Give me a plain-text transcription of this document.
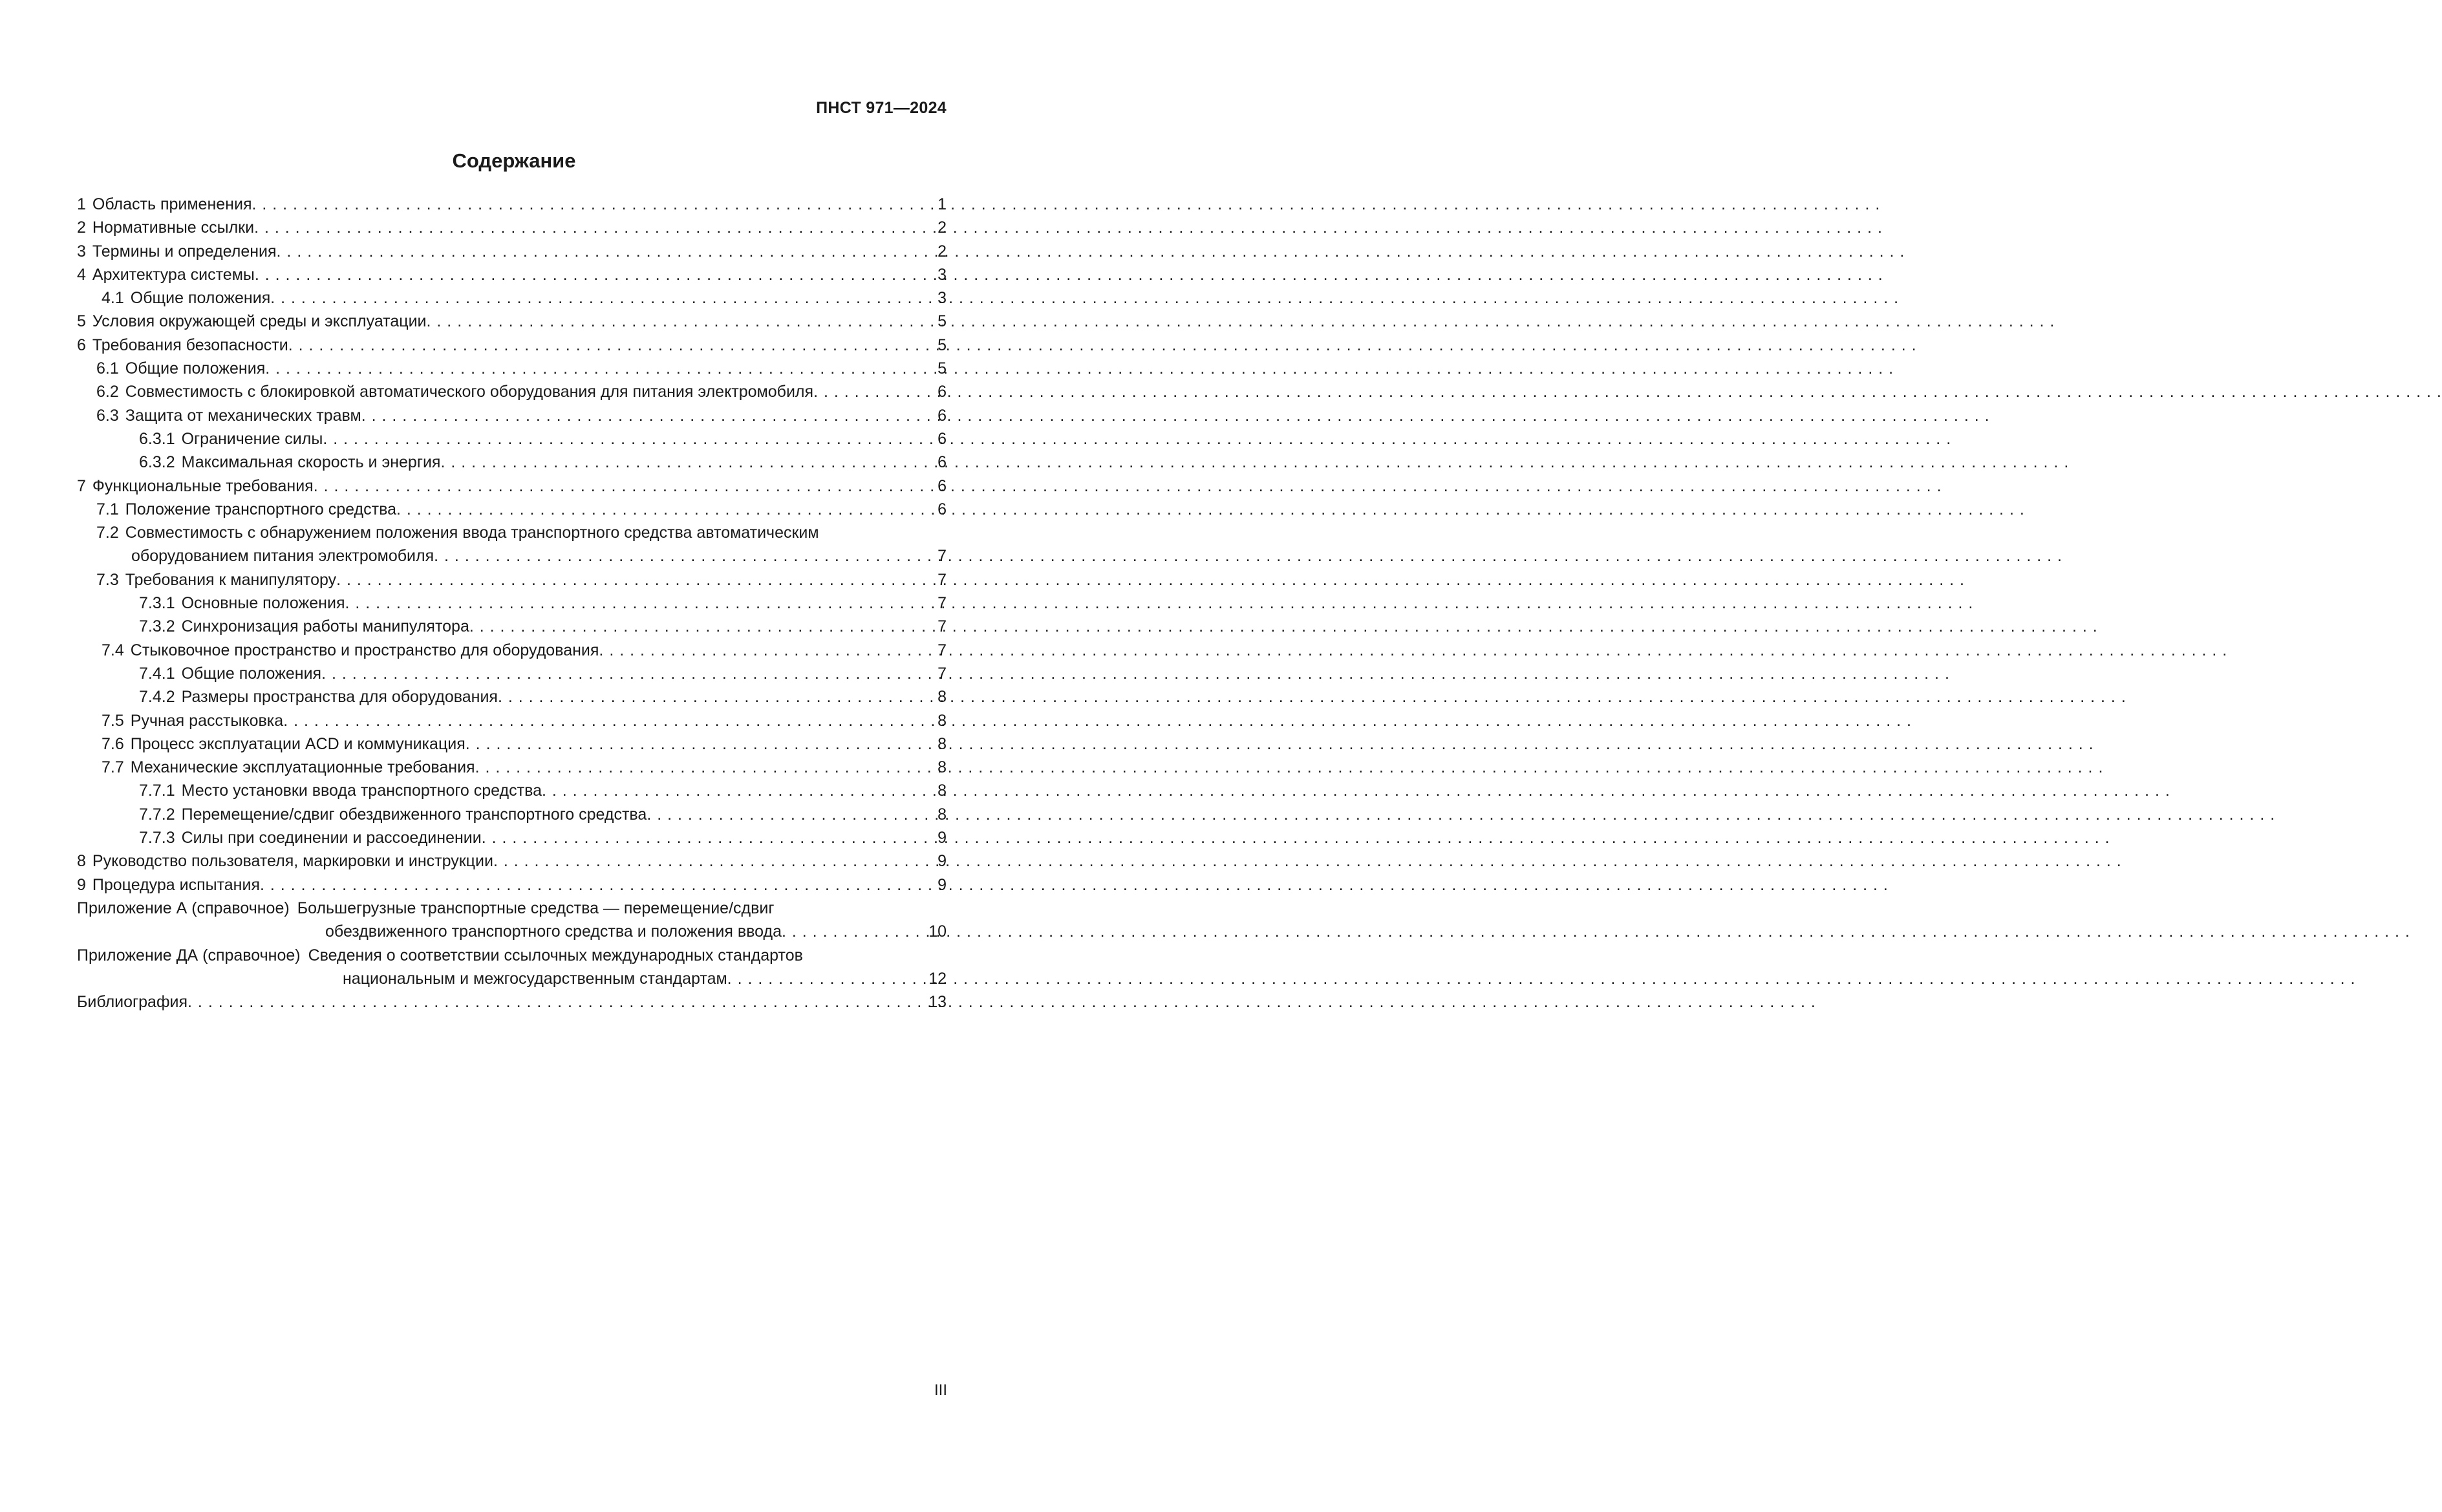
ПНСТ 971—2024
Содержание
1 Область применения . . .	1
2 Нормативные ссылки . . .	2
3 Термины и определения . . .	2
4 Архитектура системы . . .	3
4.1 Общие положения . . .	3
5 Условия окружающей среды и эксплуатации . . .	5
6 Требования безопасности . . .	5
6.1 Общие положения . . .	5
6.2 Совместимость с блокировкой автоматического оборудования для питания электромобиля . . .	6
6.3 Защита от механических травм . . .	6
6.3.1 Ограничение силы . . .	6
6.3.2 Максимальная скорость и энергия . . .	6
7 Функциональные требования . . .	6
7.1 Положение транспортного средства . . .	6
7.2 Совместимость с обнаружением положения ввода транспортного средства автоматическим
оборудованием питания электромобиля . . .	7
7.3 Требования к манипулятору . . .	7
7.3.1 Основные положения . . .	7
7.3.2 Синхронизация работы манипулятора . . .	7
7.4 Стыковочное пространство и пространство для оборудования . . .	7
7.4.1 Общие положения . . .	7
7.4.2 Размеры пространства для оборудования . . .	8
7.5 Ручная расстыковка . . .	8
7.6 Процесс эксплуатации ACD и коммуникация . . .	8
7.7 Механические эксплуатационные требования . . .	8
7.7.1 Место установки ввода транспортного средства . . .	8
7.7.2 Перемещение/сдвиг обездвиженного транспортного средства . . .	8
7.7.3 Силы при соединении и рассоединении . . .	9
8 Руководство пользователя, маркировки и инструкции . . .	9
9 Процедура испытания . . .	9
Приложение А (справочное) Большегрузные транспортные средства — перемещение/сдвиг
обездвиженного транспортного средства и положения ввода . . .	10
Приложение ДА (справочное) Сведения о соответствии ссылочных международных стандартов
национальным и межгосударственным стандартам . . .	12
Библиография . . .	13
III
